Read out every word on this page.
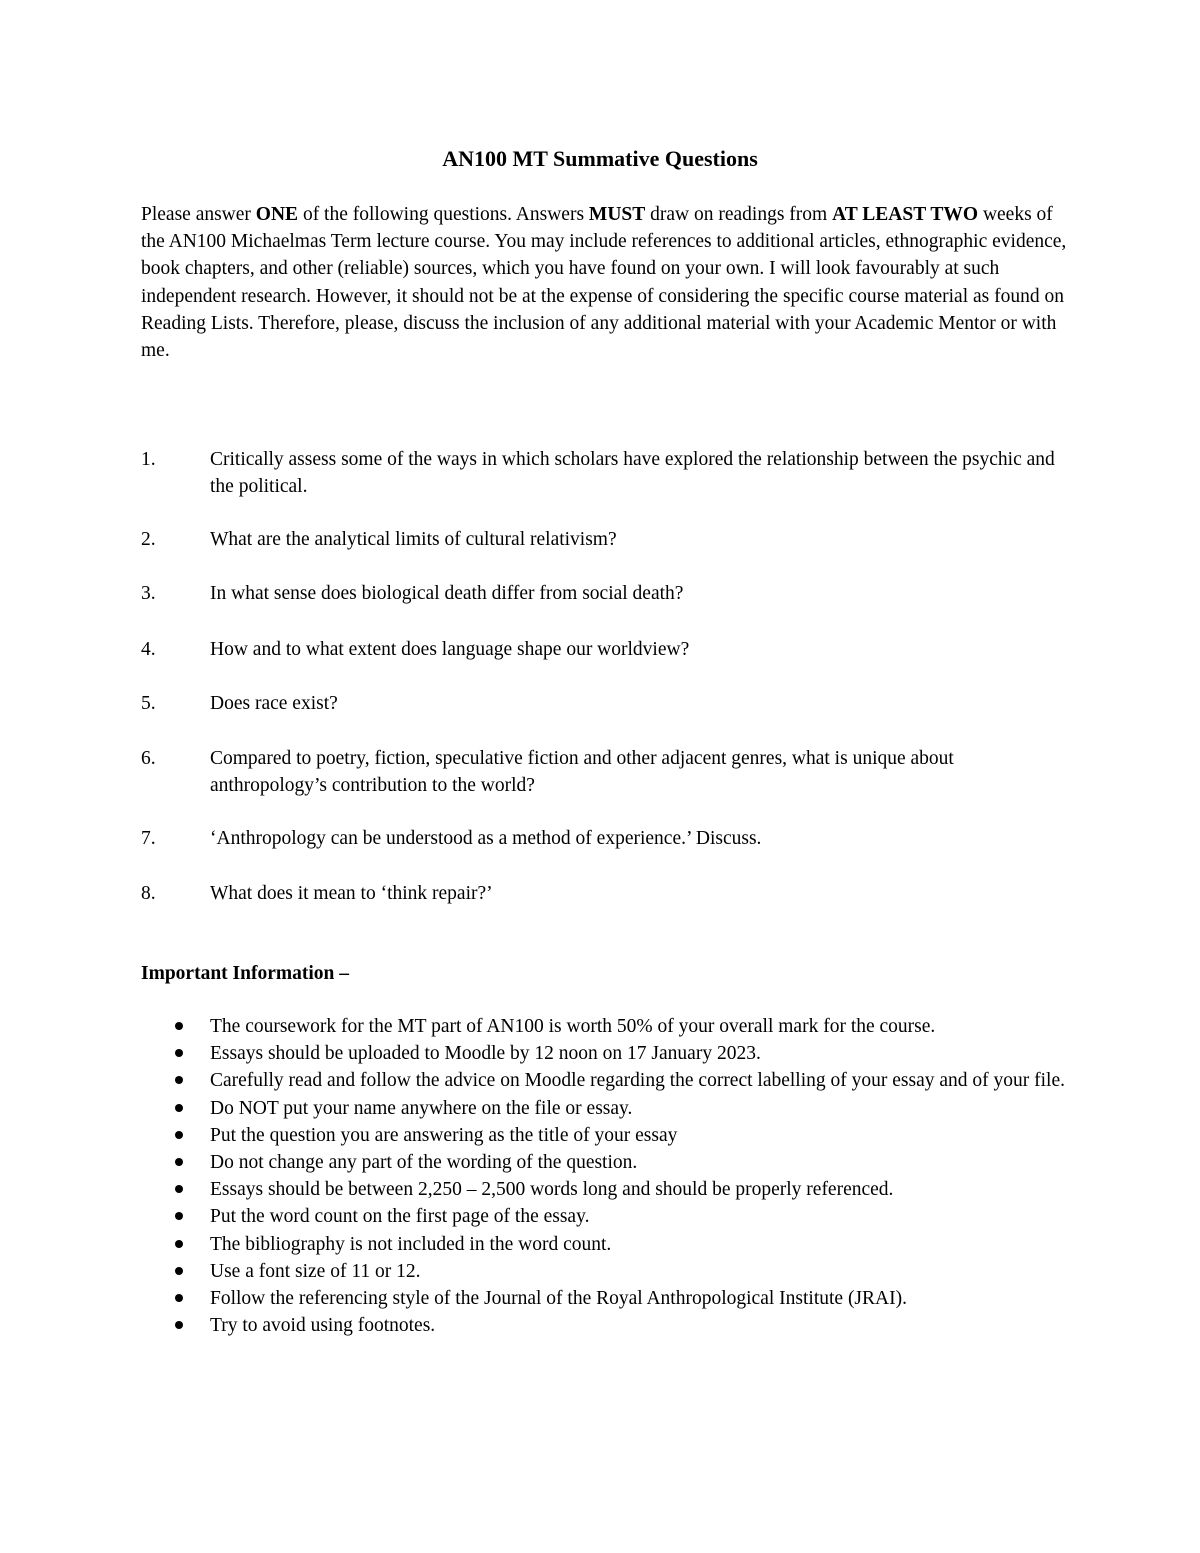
AN100 MT Summative Questions
Please answer ONE of the following questions. Answers MUST draw on readings from AT LEAST TWO weeks of the AN100 Michaelmas Term lecture course. You may include references to additional articles, ethnographic evidence, book chapters, and other (reliable) sources, which you have found on your own. I will look favourably at such independent research. However, it should not be at the expense of considering the specific course material as found on Reading Lists. Therefore, please, discuss the inclusion of any additional material with your Academic Mentor or with me.
1.	Critically assess some of the ways in which scholars have explored the relationship between the psychic and the political.
2.	What are the analytical limits of cultural relativism?
3.	In what sense does biological death differ from social death?
4.	How and to what extent does language shape our worldview?
5.	Does race exist?
6.	Compared to poetry, fiction, speculative fiction and other adjacent genres, what is unique about anthropology’s contribution to the world?
7.	‘Anthropology can be understood as a method of experience.’ Discuss.
8.	What does it mean to ‘think repair?’
Important Information –
The coursework for the MT part of AN100 is worth 50% of your overall mark for the course.
Essays should be uploaded to Moodle by 12 noon on 17 January 2023.
Carefully read and follow the advice on Moodle regarding the correct labelling of your essay and of your file.
Do NOT put your name anywhere on the file or essay.
Put the question you are answering as the title of your essay
Do not change any part of the wording of the question.
Essays should be between 2,250 – 2,500 words long and should be properly referenced.
Put the word count on the first page of the essay.
The bibliography is not included in the word count.
Use a font size of 11 or 12.
Follow the referencing style of the Journal of the Royal Anthropological Institute (JRAI).
Try to avoid using footnotes.
